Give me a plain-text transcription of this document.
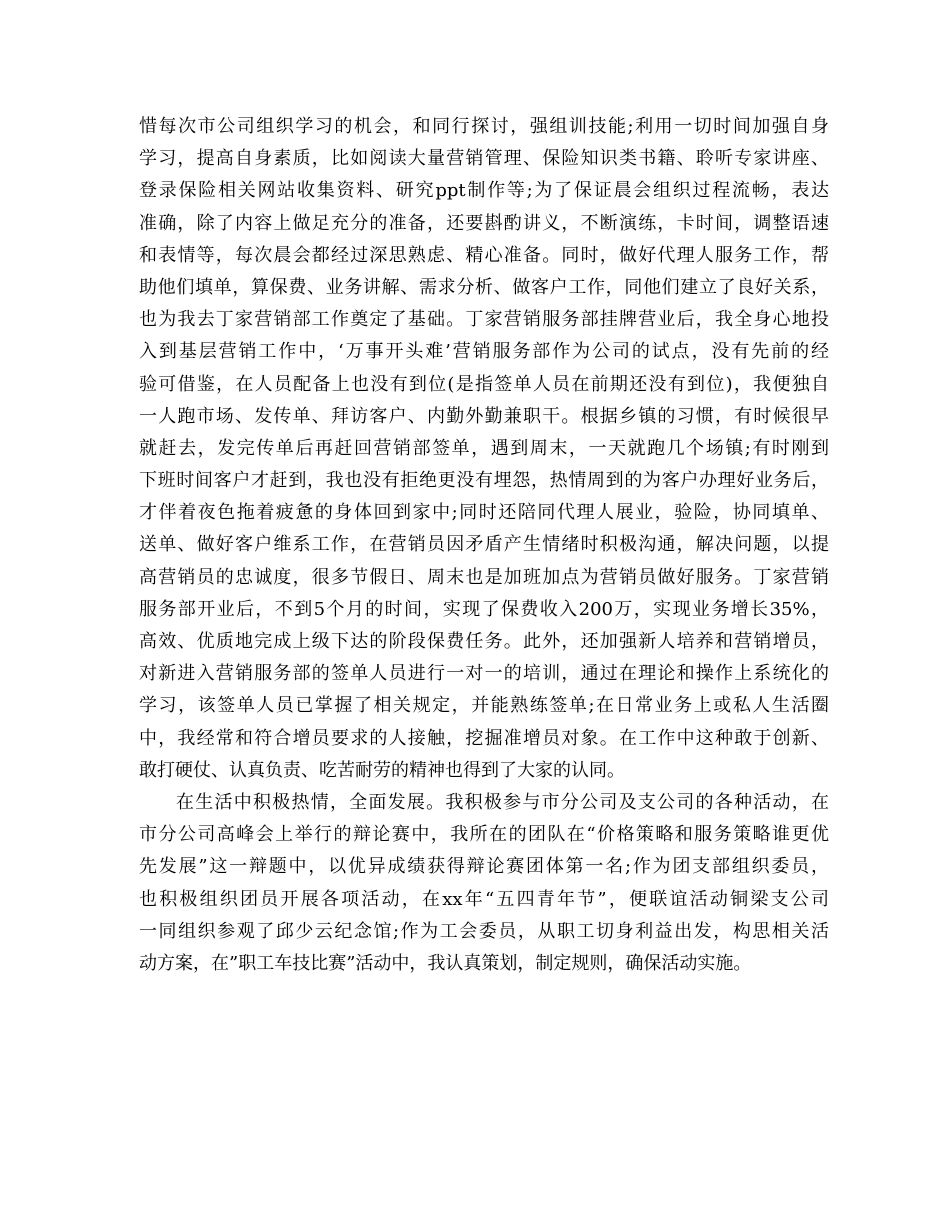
惜每次市公司组织学习的机会，和同行探讨，强组训技能;利用一切时间加强自身
学习，提高自身素质，比如阅读大量营销管理、保险知识类书籍、聆听专家讲座、
登录保险相关网站收集资料、研究ppt制作等;为了保证晨会组织过程流畅，表达
准确，除了内容上做足充分的准备，还要斟酌讲义，不断演练，卡时间，调整语速
和表情等，每次晨会都经过深思熟虑、精心准备。同时，做好代理人服务工作，帮
助他们填单，算保费、业务讲解、需求分析、做客户工作，同他们建立了良好关系，
也为我去丁家营销部工作奠定了基础。丁家营销服务部挂牌营业后，我全身心地投
入到基层营销工作中，‘万事开头难’营销服务部作为公司的试点，没有先前的经
验可借鉴，在人员配备上也没有到位(是指签单人员在前期还没有到位)，我便独自
一人跑市场、发传单、拜访客户、内勤外勤兼职干。根据乡镇的习惯，有时候很早
就赶去，发完传单后再赶回营销部签单，遇到周末，一天就跑几个场镇;有时刚到
下班时间客户才赶到，我也没有拒绝更没有埋怨，热情周到的为客户办理好业务后，
才伴着夜色拖着疲惫的身体回到家中;同时还陪同代理人展业，验险，协同填单、
送单、做好客户维系工作，在营销员因矛盾产生情绪时积极沟通，解决问题，以提
高营销员的忠诚度，很多节假日、周末也是加班加点为营销员做好服务。丁家营销
服务部开业后，不到5个月的时间，实现了保费收入200万，实现业务增长35%，
高效、优质地完成上级下达的阶段保费任务。此外，还加强新人培养和营销增员，
对新进入营销服务部的签单人员进行一对一的培训，通过在理论和操作上系统化的
学习，该签单人员已掌握了相关规定，并能熟练签单;在日常业务上或私人生活圈
中，我经常和符合增员要求的人接触，挖掘准增员对象。在工作中这种敢于创新、
敢打硬仗、认真负责、吃苦耐劳的精神也得到了大家的认同。
在生活中积极热情，全面发展。我积极参与市分公司及支公司的各种活动，在
市分公司高峰会上举行的辩论赛中，我所在的团队在“价格策略和服务策略谁更优
先发展”这一辩题中，以优异成绩获得辩论赛团体第一名;作为团支部组织委员，
也积极组织团员开展各项活动，在xx年“五四青年节”，便联谊活动铜梁支公司
一同组织参观了邱少云纪念馆;作为工会委员，从职工切身利益出发，构思相关活
动方案，在”职工车技比赛”活动中，我认真策划，制定规则，确保活动实施。
